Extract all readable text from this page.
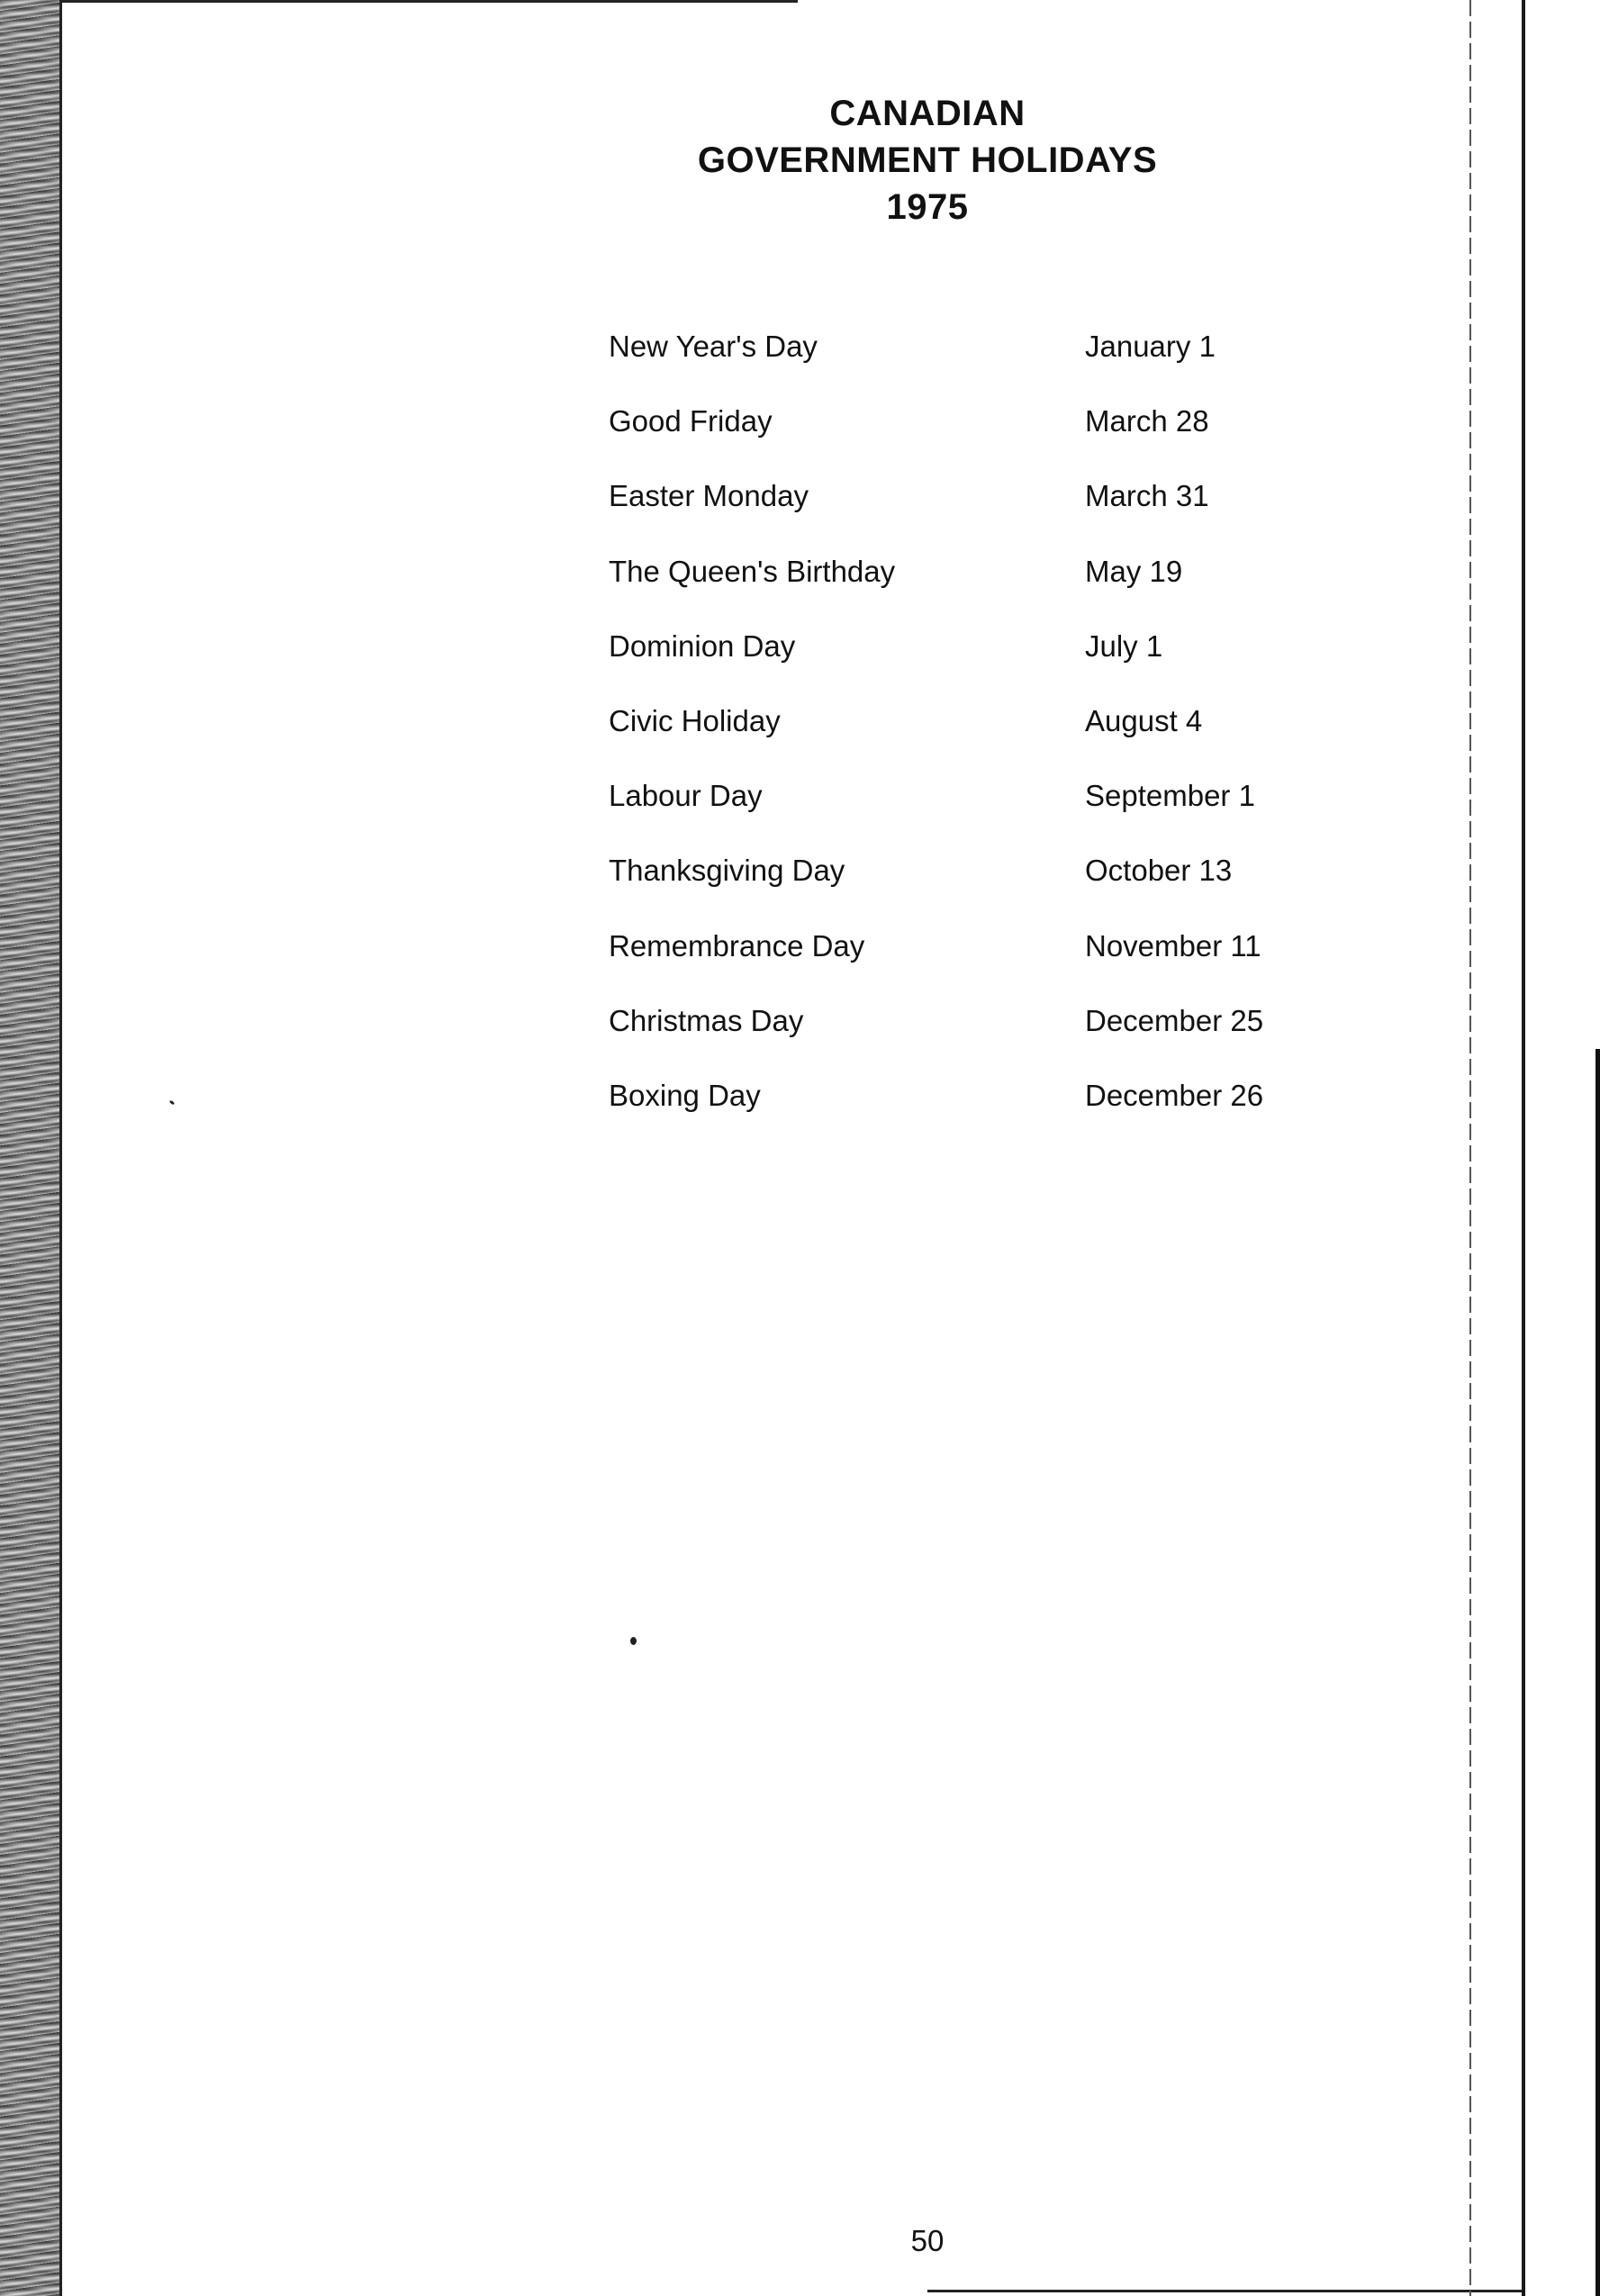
CANADIAN
GOVERNMENT HOLIDAYS
1975
New Year's Day	January 1
Good Friday	March 28
Easter Monday	March 31
The Queen's Birthday	May 19
Dominion Day	July 1
Civic Holiday	August 4
Labour Day	September 1
Thanksgiving Day	October 13
Remembrance Day	November 11
Christmas Day	December 25
Boxing Day	December 26
50
